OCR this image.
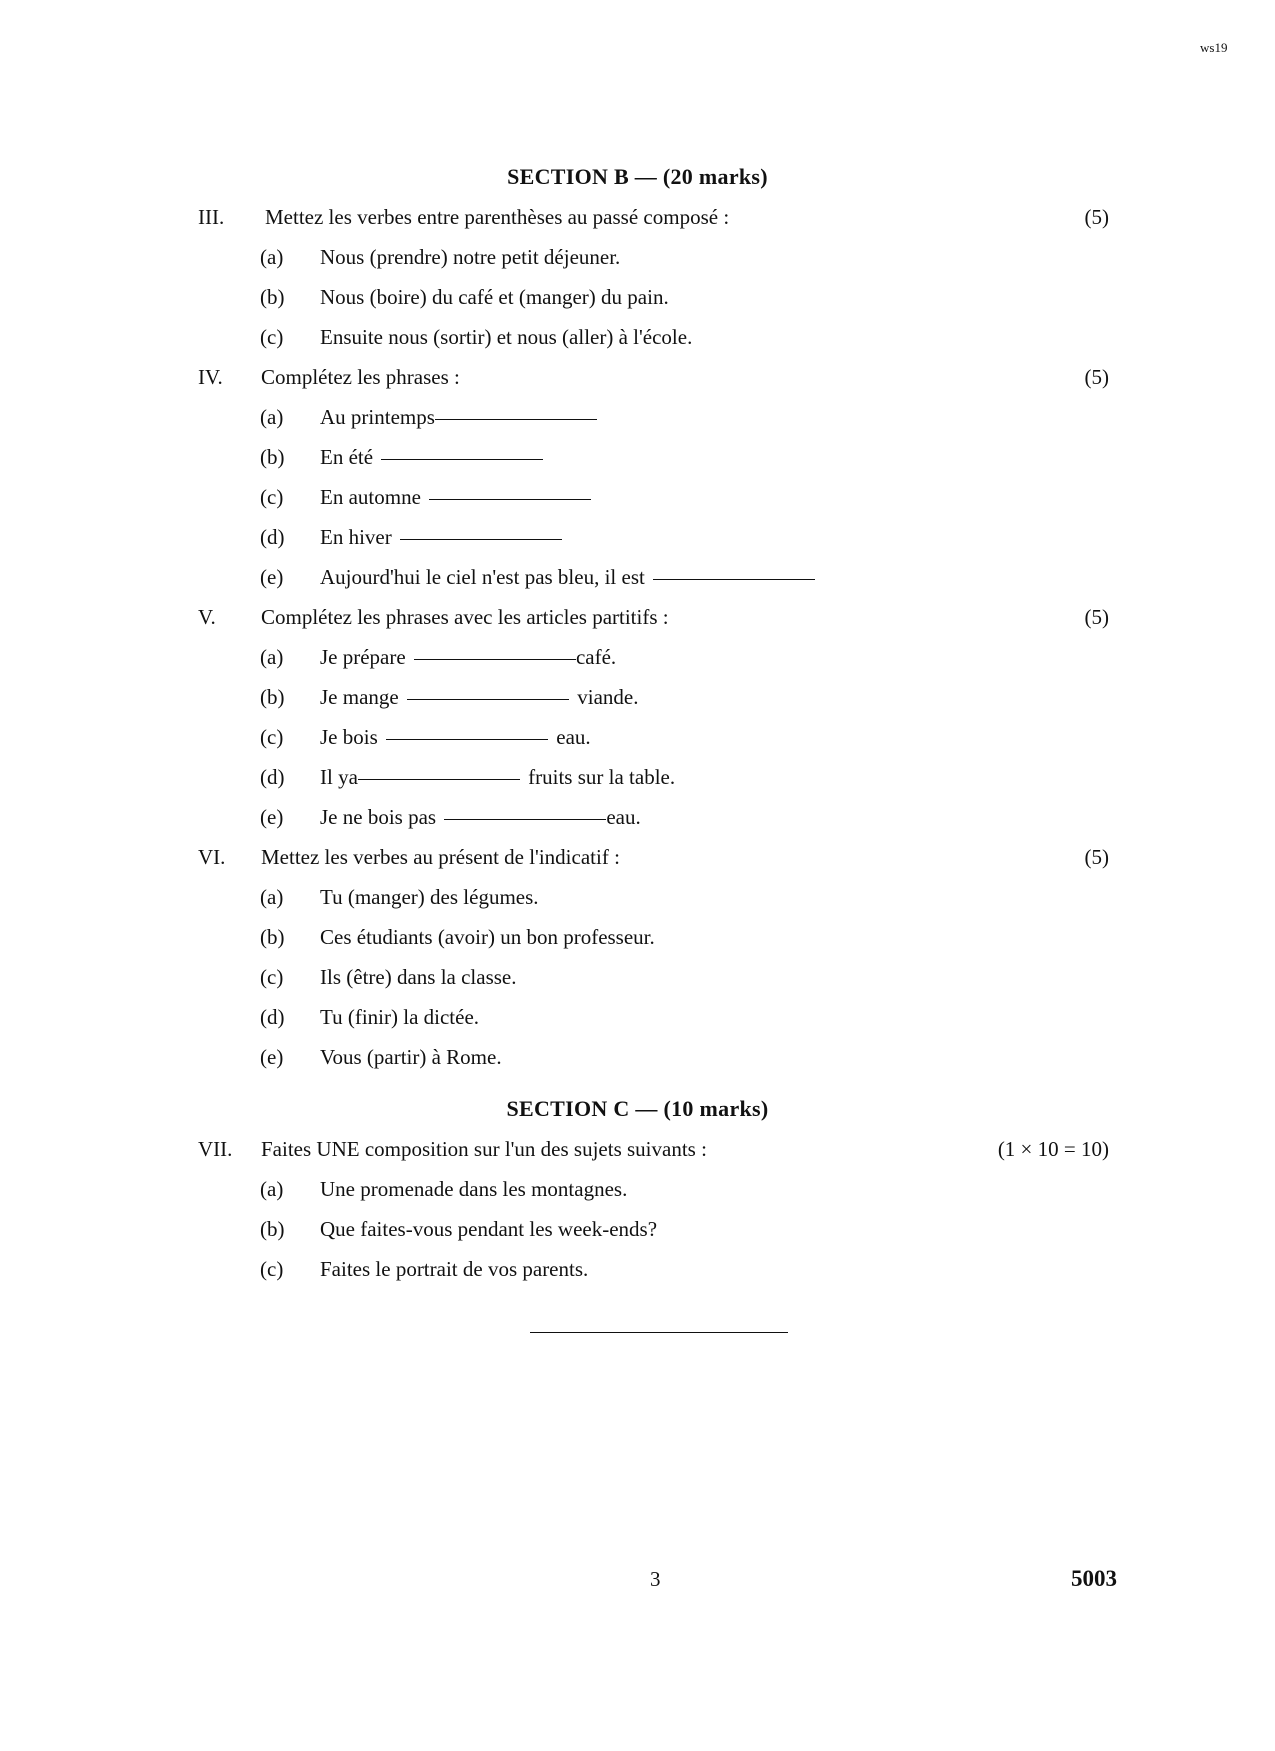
ws19
SECTION B — (20 marks)
III. Mettez les verbes entre parenthèses au passé composé :	(5)
(a) Nous (prendre) notre petit déjeuner.
(b) Nous (boire) du café et (manger) du pain.
(c) Ensuite nous (sortir) et nous (aller) à l'école.
IV. Complétez les phrases :	(5)
(a) Au printemps
(b) En été
(c) En automne
(d) En hiver
(e) Aujourd'hui le ciel n'est pas bleu, il est
V. Complétez les phrases avec les articles partitifs :	(5)
(a) Je prépare	café.
(b) Je mange	viande.
(c) Je bois	eau.
(d) Il ya	fruits sur la table.
(e) Je ne bois pas	eau.
VI. Mettez les verbes au présent de l'indicatif :	(5)
(a) Tu (manger) des légumes.
(b) Ces étudiants (avoir) un bon professeur.
(c) Ils (être) dans la classe.
(d) Tu (finir) la dictée.
(e) Vous (partir) à Rome.
SECTION C — (10 marks)
VII. Faites UNE composition sur l'un des sujets suivants :	(1 × 10 = 10)
(a) Une promenade dans les montagnes.
(b) Que faites-vous pendant les week-ends?
(c) Faites le portrait de vos parents.
3	5003
